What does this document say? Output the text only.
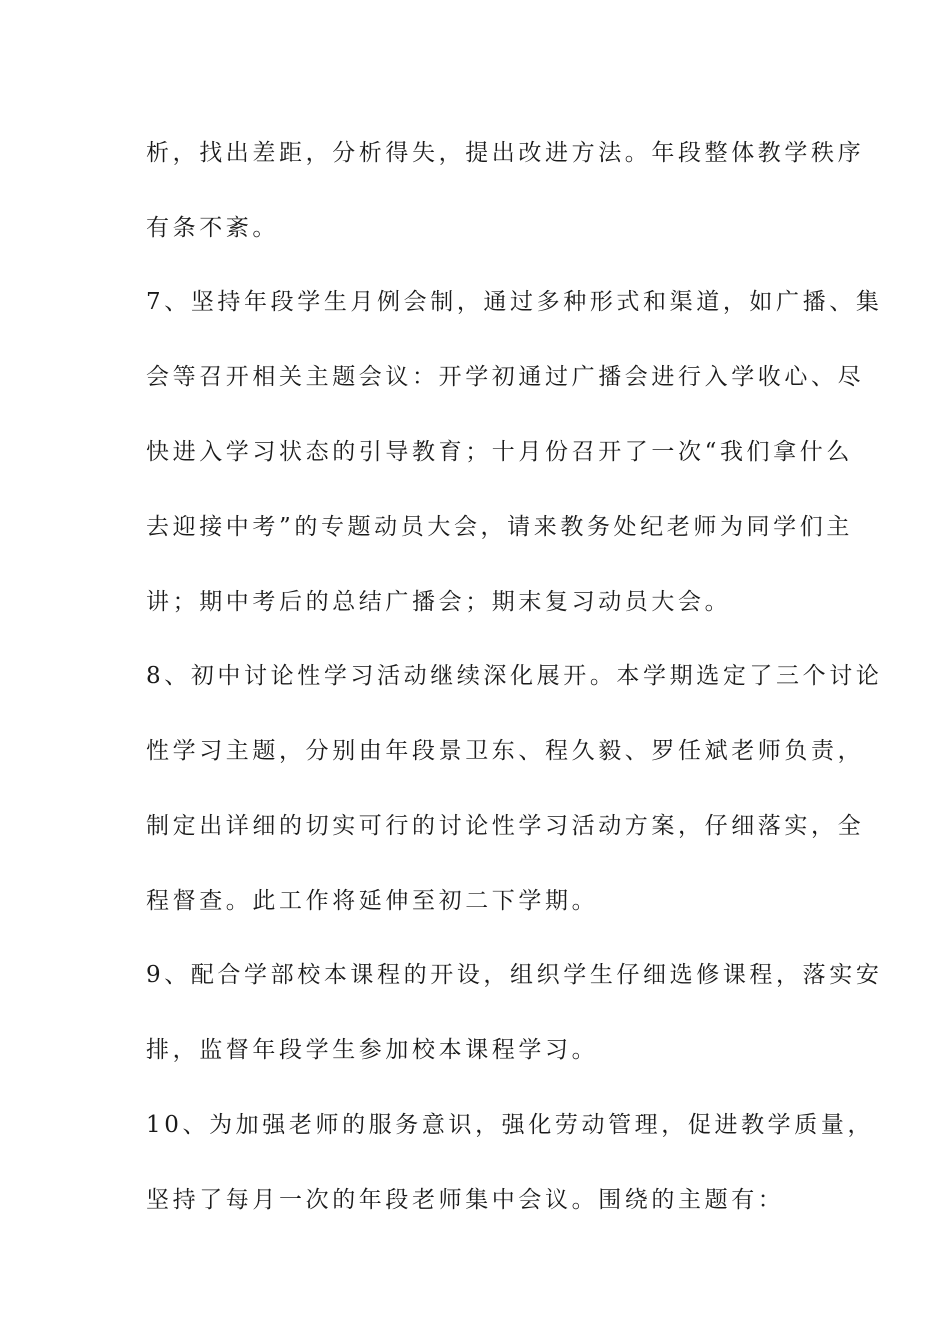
析，找出差距，分析得失，提出改进方法。年段整体教学秩序
有条不紊。
7、坚持年段学生月例会制，通过多种形式和渠道，如广播、集
会等召开相关主题会议：开学初通过广播会进行入学收心、尽
快进入学习状态的引导教育；十月份召开了一次“我们拿什么
去迎接中考”的专题动员大会，请来教务处纪老师为同学们主
讲；期中考后的总结广播会；期末复习动员大会。
8、初中讨论性学习活动继续深化展开。本学期选定了三个讨论
性学习主题，分别由年段景卫东、程久毅、罗任斌老师负责，
制定出详细的切实可行的讨论性学习活动方案，仔细落实，全
程督查。此工作将延伸至初二下学期。
9、配合学部校本课程的开设，组织学生仔细选修课程，落实安
排，监督年段学生参加校本课程学习。
10、为加强老师的服务意识，强化劳动管理，促进教学质量，
坚持了每月一次的年段老师集中会议。围绕的主题有：
